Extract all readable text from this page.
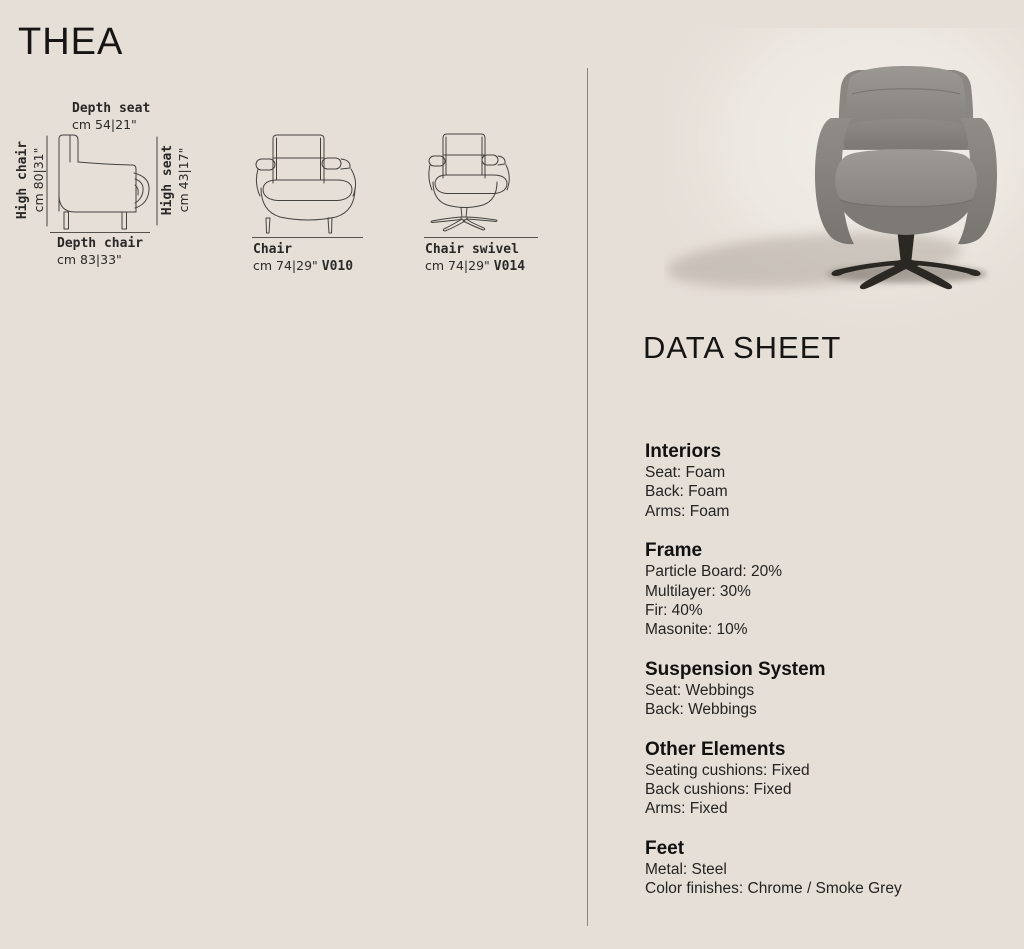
THEA
Depth seat
cm 54|21"
High chair cm 80|31"	High seat cm 43|17"
Depth chair
cm 83|33"
Chair
cm 74|29" V010
Chair swivel
cm 74|29" V014
DATA SHEET
Interiors
Seat: Foam
Back: Foam
Arms: Foam
Frame
Particle Board: 20%
Multilayer: 30%
Fir: 40%
Masonite: 10%
Suspension System
Seat: Webbings
Back: Webbings
Other Elements
Seating cushions: Fixed
Back cushions: Fixed
Arms: Fixed
Feet
Metal: Steel
Color finishes: Chrome / Smoke Grey
